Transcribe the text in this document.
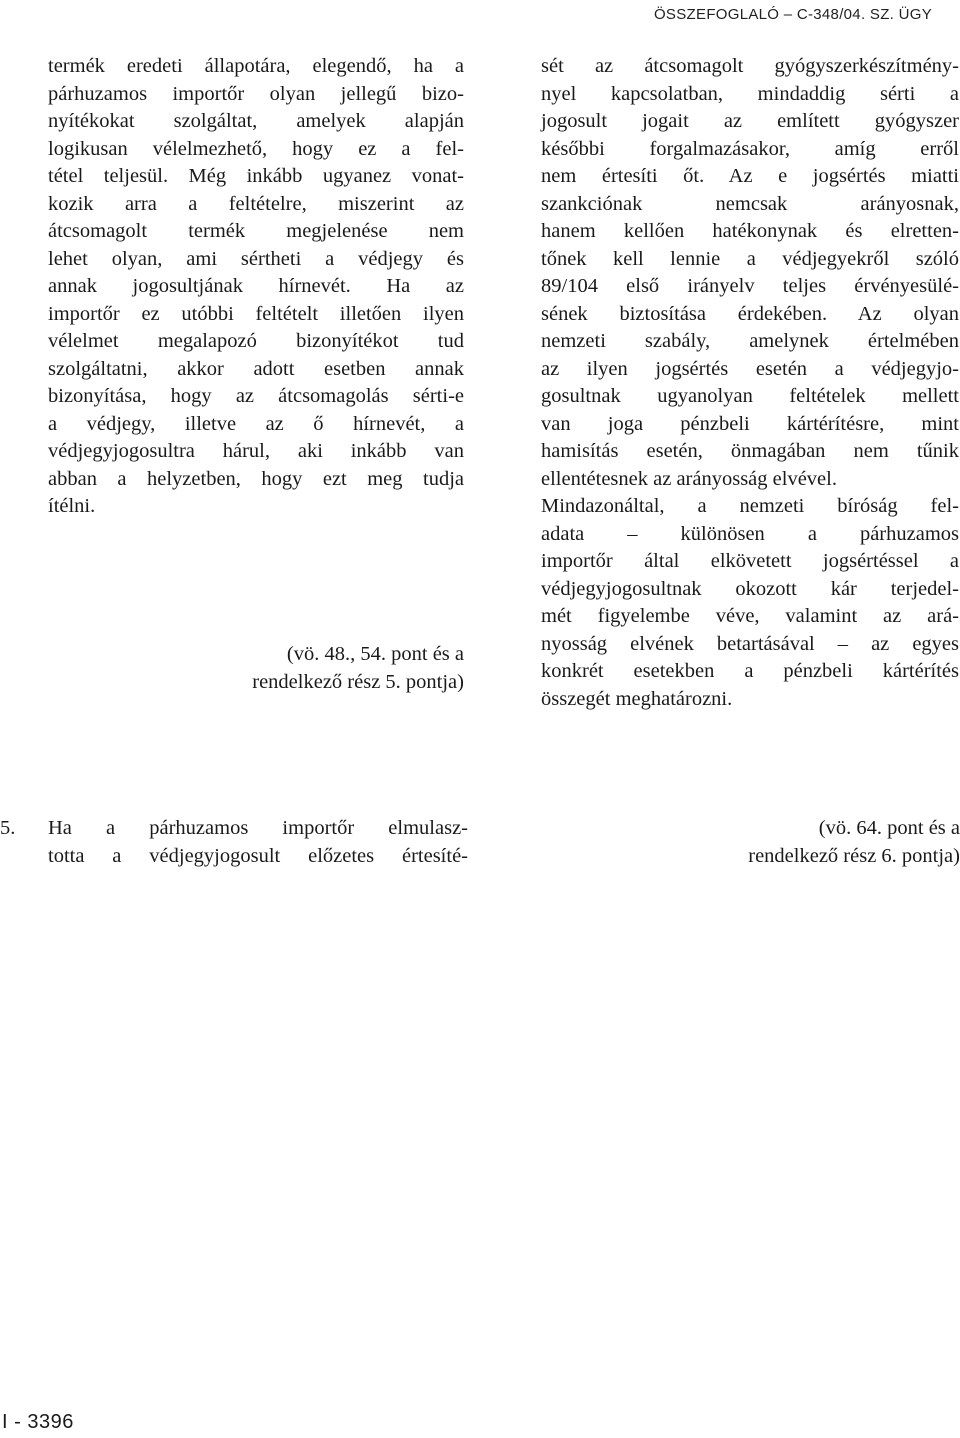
ÖSSZEFOGLALÓ – C-348/04. SZ. ÜGY
termék eredeti állapotára, elegendő, ha a
párhuzamos importőr olyan jellegű bizo-
nyítékokat szolgáltat, amelyek alapján
logikusan vélelmezhető, hogy ez a fel-
tétel teljesül. Még inkább ugyanez vonat-
kozik arra a feltételre, miszerint az
átcsomagolt termék megjelenése nem
lehet olyan, ami sértheti a védjegy és
annak jogosultjának hírnevét. Ha az
importőr ez utóbbi feltételt illetően ilyen
vélelmet megalapozó bizonyítékot tud
szolgáltatni, akkor adott esetben annak
bizonyítása, hogy az átcsomagolás sérti-e
a védjegy, illetve az ő hírnevét, a
védjegyjogosultra hárul, aki inkább van
abban a helyzetben, hogy ezt meg tudja
ítélni.
(vö. 48., 54. pont és a
rendelkező rész 5. pontja)
sét az átcsomagolt gyógyszerkészítmény-
nyel kapcsolatban, mindaddig sérti a
jogosult jogait az említett gyógyszer
későbbi forgalmazásakor, amíg erről
nem értesíti őt. Az e jogsértés miatti
szankciónak nemcsak arányosnak,
hanem kellően hatékonynak és elretten-
tőnek kell lennie a védjegyekről szóló
89/104 első irányelv teljes érvényesülé-
sének biztosítása érdekében. Az olyan
nemzeti szabály, amelynek értelmében
az ilyen jogsértés esetén a védjegyjo-
gosultnak ugyanolyan feltételek mellett
van joga pénzbeli kártérítésre, mint
hamisítás esetén, önmagában nem tűnik
ellentétesnek az arányosság elvével.
Mindazonáltal, a nemzeti bíróság fel-
adata – különösen a párhuzamos
importőr által elkövetett jogsértéssel a
védjegyjogosultnak okozott kár terjedel-
mét figyelembe véve, valamint az ará-
nyosság elvének betartásával – az egyes
konkrét esetekben a pénzbeli kártérítés
összegét meghatározni.
5. Ha a párhuzamos importőr elmulasz-
totta a védjegyjogosult előzetes értesíté-
(vö. 64. pont és a
rendelkező rész 6. pontja)
I - 3396
